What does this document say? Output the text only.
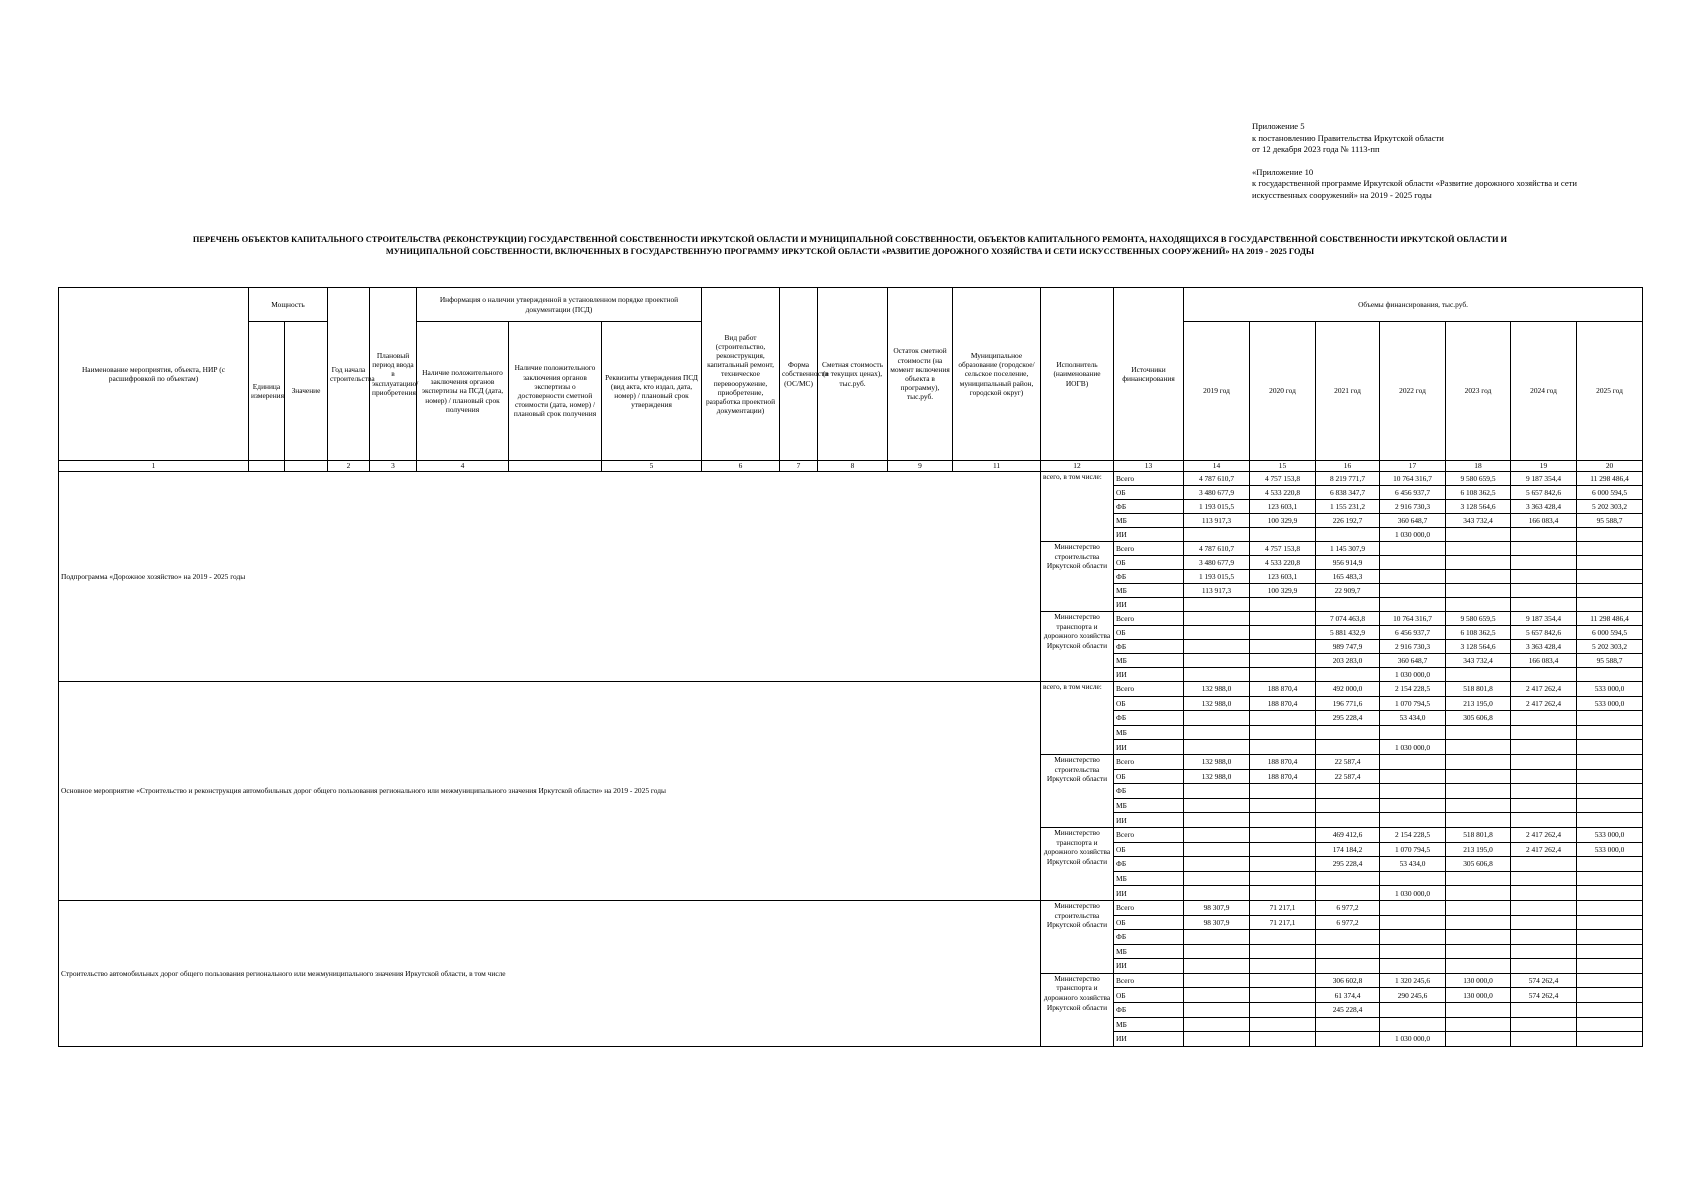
Приложение 5
к постановлению Правительства Иркутской области
от 12 декабря 2023 года № 1113-пп
«Приложение 10
к государственной программе Иркутской области «Развитие дорожного хозяйства и сети
искусственных сооружений» на 2019 - 2025 годы
ПЕРЕЧЕНЬ ОБЪЕКТОВ КАПИТАЛЬНОГО СТРОИТЕЛЬСТВА (РЕКОНСТРУКЦИИ) ГОСУДАРСТВЕННОЙ СОБСТВЕННОСТИ ИРКУТСКОЙ ОБЛАСТИ И МУНИЦИПАЛЬНОЙ СОБСТВЕННОСТИ, ОБЪЕКТОВ КАПИТАЛЬНОГО РЕМОНТА, НАХОДЯЩИХСЯ В ГОСУДАРСТВЕННОЙ СОБСТВЕННОСТИ ИРКУТСКОЙ ОБЛАСТИ И
МУНИЦИПАЛЬНОЙ СОБСТВЕННОСТИ, ВКЛЮЧЕННЫХ В ГОСУДАРСТВЕННУЮ ПРОГРАММУ ИРКУТСКОЙ ОБЛАСТИ «РАЗВИТИЕ ДОРОЖНОГО ХОЗЯЙСТВА И СЕТИ ИСКУССТВЕННЫХ СООРУЖЕНИЙ» НА 2019 - 2025 ГОДЫ
Наименование мероприятия, объекта, НИР (с расшифровкой по объектам)	Мощность		Год начала строительства	Плановый период ввода в эксплуатацию/приобретения	Информация о наличии утвержденной в установленном порядке проектной документации (ПСД)			Вид работ (строительство, реконструкция, капитальный ремонт, техническое перевооружение, приобретение, разработка проектной документации)	Форма собственности (ОС/МС)	Сметная стоимость (в текущих ценах), тыс.руб.	Остаток сметной стоимости (на момент включения объекта в программу), тыс.руб.	Муниципальное образование (городское/сельское поселение, муниципальный район, городской округ)	Исполнитель (наименование ИОГВ)	Источники финансирования	Объемы финансирования, тыс.руб.						
	Единица измерения	Значение			Наличие положительного заключения органов экспертизы на ПСД (дата, номер) / плановый срок получения	Наличие положительного заключения органов экспертизы о достоверности сметной стоимости (дата, номер) / плановый срок получения	Реквизиты утверждения ПСД (вид акта, кто издал, дата, номер) / плановый срок утверждения								2019 год	2020 год	2021 год	2022 год	2023 год	2024 год	2025 год
1			2	3	4		5	6	7	8	9	11	12	13	14	15	16	17	18	19	20
Подпрограмма «Дорожное хозяйство» на 2019 - 2025 годы													всего, в том числе:	Всего	4 787 610,7	4 757 153,8	8 219 771,7	10 764 316,7	9 580 659,5	9 187 354,4	11 298 486,4
														ОБ	3 480 677,9	4 533 220,8	6 838 347,7	6 456 937,7	6 108 362,5	5 657 842,6	6 000 594,5
														ФБ	1 193 015,5	123 603,1	1 155 231,2	2 916 730,3	3 128 564,6	3 363 428,4	5 202 303,2
														МБ	113 917,3	100 329,9	226 192,7	360 648,7	343 732,4	166 083,4	95 588,7
														ИИ				1 030 000,0			
													Министерство строительства Иркутской области	Всего	4 787 610,7	4 757 153,8	1 145 307,9				
														ОБ	3 480 677,9	4 533 220,8	956 914,9				
														ФБ	1 193 015,5	123 603,1	165 483,3				
														МБ	113 917,3	100 329,9	22 909,7				
														ИИ							
													Министерство транспорта и дорожного хозяйства Иркутской области	Всего			7 074 463,8	10 764 316,7	9 580 659,5	9 187 354,4	11 298 486,4
														ОБ			5 881 432,9	6 456 937,7	6 108 362,5	5 657 842,6	6 000 594,5
														ФБ			989 747,9	2 916 730,3	3 128 564,6	3 363 428,4	5 202 303,2
														МБ			203 283,0	360 648,7	343 732,4	166 083,4	95 588,7
														ИИ				1 030 000,0			
Основное мероприятие «Строительство и реконструкция автомобильных дорог общего пользования регионального или межмуниципального значения Иркутской области» на 2019 - 2025 годы													всего, в том числе:	Всего	132 988,0	188 870,4	492 000,0	2 154 228,5	518 801,8	2 417 262,4	533 000,0
														ОБ	132 988,0	188 870,4	196 771,6	1 070 794,5	213 195,0	2 417 262,4	533 000,0
														ФБ			295 228,4	53 434,0	305 606,8		
														МБ							
														ИИ				1 030 000,0			
													Министерство строительства Иркутской области	Всего	132 988,0	188 870,4	22 587,4				
														ОБ	132 988,0	188 870,4	22 587,4				
														ФБ							
														МБ							
														ИИ							
													Министерство транспорта и дорожного хозяйства Иркутской области	Всего			469 412,6	2 154 228,5	518 801,8	2 417 262,4	533 000,0
														ОБ			174 184,2	1 070 794,5	213 195,0	2 417 262,4	533 000,0
														ФБ			295 228,4	53 434,0	305 606,8		
														МБ							
														ИИ				1 030 000,0			
Строительство автомобильных дорог общего пользования регионального или межмуниципального значения Иркутской области, в том числе													Министерство строительства Иркутской области	Всего	98 307,9	71 217,1	6 977,2				
														ОБ	98 307,9	71 217,1	6 977,2				
														ФБ							
														МБ							
														ИИ							
													Министерство транспорта и дорожного хозяйства Иркутской области	Всего			306 602,8	1 320 245,6	130 000,0	574 262,4	
														ОБ			61 374,4	290 245,6	130 000,0	574 262,4	
														ФБ			245 228,4				
														МБ							
														ИИ				1 030 000,0			
